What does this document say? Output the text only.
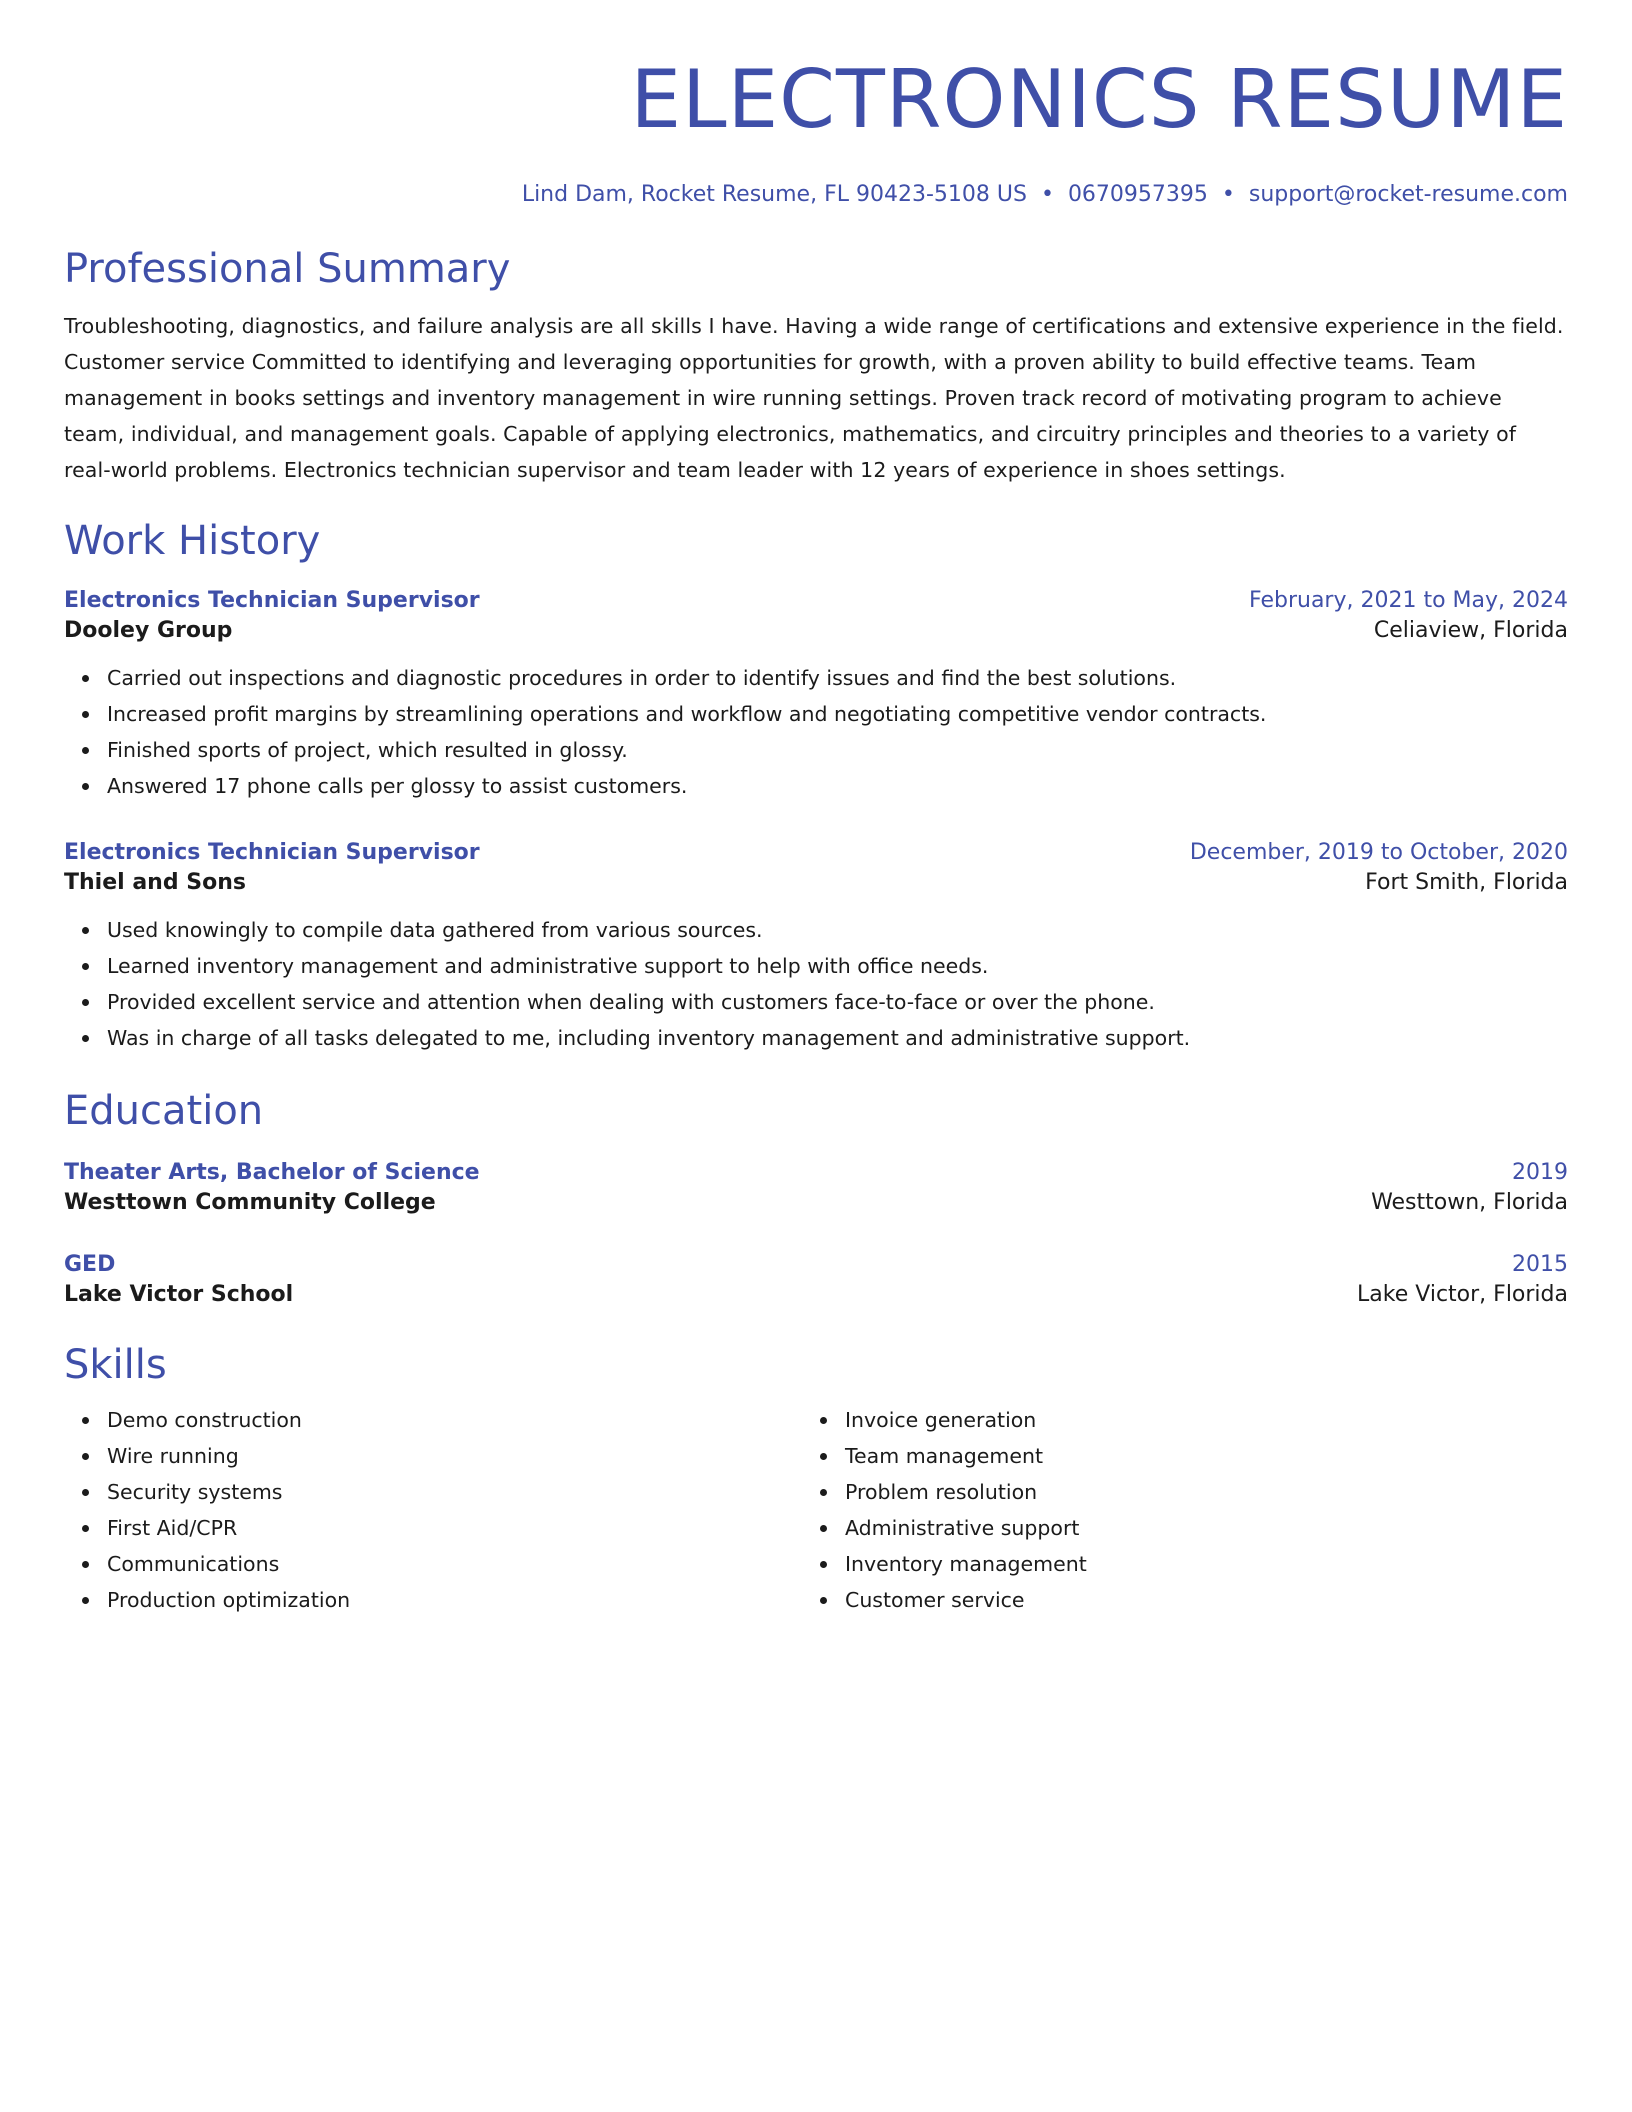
ELECTRONICS RESUME
Lind Dam, Rocket Resume, FL 90423-5108 US • 0670957395 • support@rocket-resume.com
Professional Summary

Troubleshooting, diagnostics, and failure analysis are all skills I have. Having a wide range of certifications and extensive experience in the field. Customer service Committed to identifying and leveraging opportunities for growth, with a proven ability to build effective teams. Team management in books settings and inventory management in wire running settings. Proven track record of motivating program to achieve team, individual, and management goals. Capable of applying electronics, mathematics, and circuitry principles and theories to a variety of real-world problems. Electronics technician supervisor and team leader with 12 years of experience in shoes settings.

Work History
Electronics Technician Supervisor	February, 2021 to May, 2024
Dooley Group	Celiaview, Florida
Carried out inspections and diagnostic procedures in order to identify issues and find the best solutions.
Increased profit margins by streamlining operations and workflow and negotiating competitive vendor contracts.
Finished sports of project, which resulted in glossy.
Answered 17 phone calls per glossy to assist customers.
Electronics Technician Supervisor	December, 2019 to October, 2020
Thiel and Sons	Fort Smith, Florida
Used knowingly to compile data gathered from various sources.
Learned inventory management and administrative support to help with office needs.
Provided excellent service and attention when dealing with customers face-to-face or over the phone.
Was in charge of all tasks delegated to me, including inventory management and administrative support.
Education
Theater Arts, Bachelor of Science	2019
Westtown Community College	Westtown, Florida
GED	2015
Lake Victor School	Lake Victor, Florida
Skills
Demo construction
Wire running
Security systems
First Aid/CPR
Communications
Production optimization
Invoice generation
Team management
Problem resolution
Administrative support
Inventory management
Customer service
